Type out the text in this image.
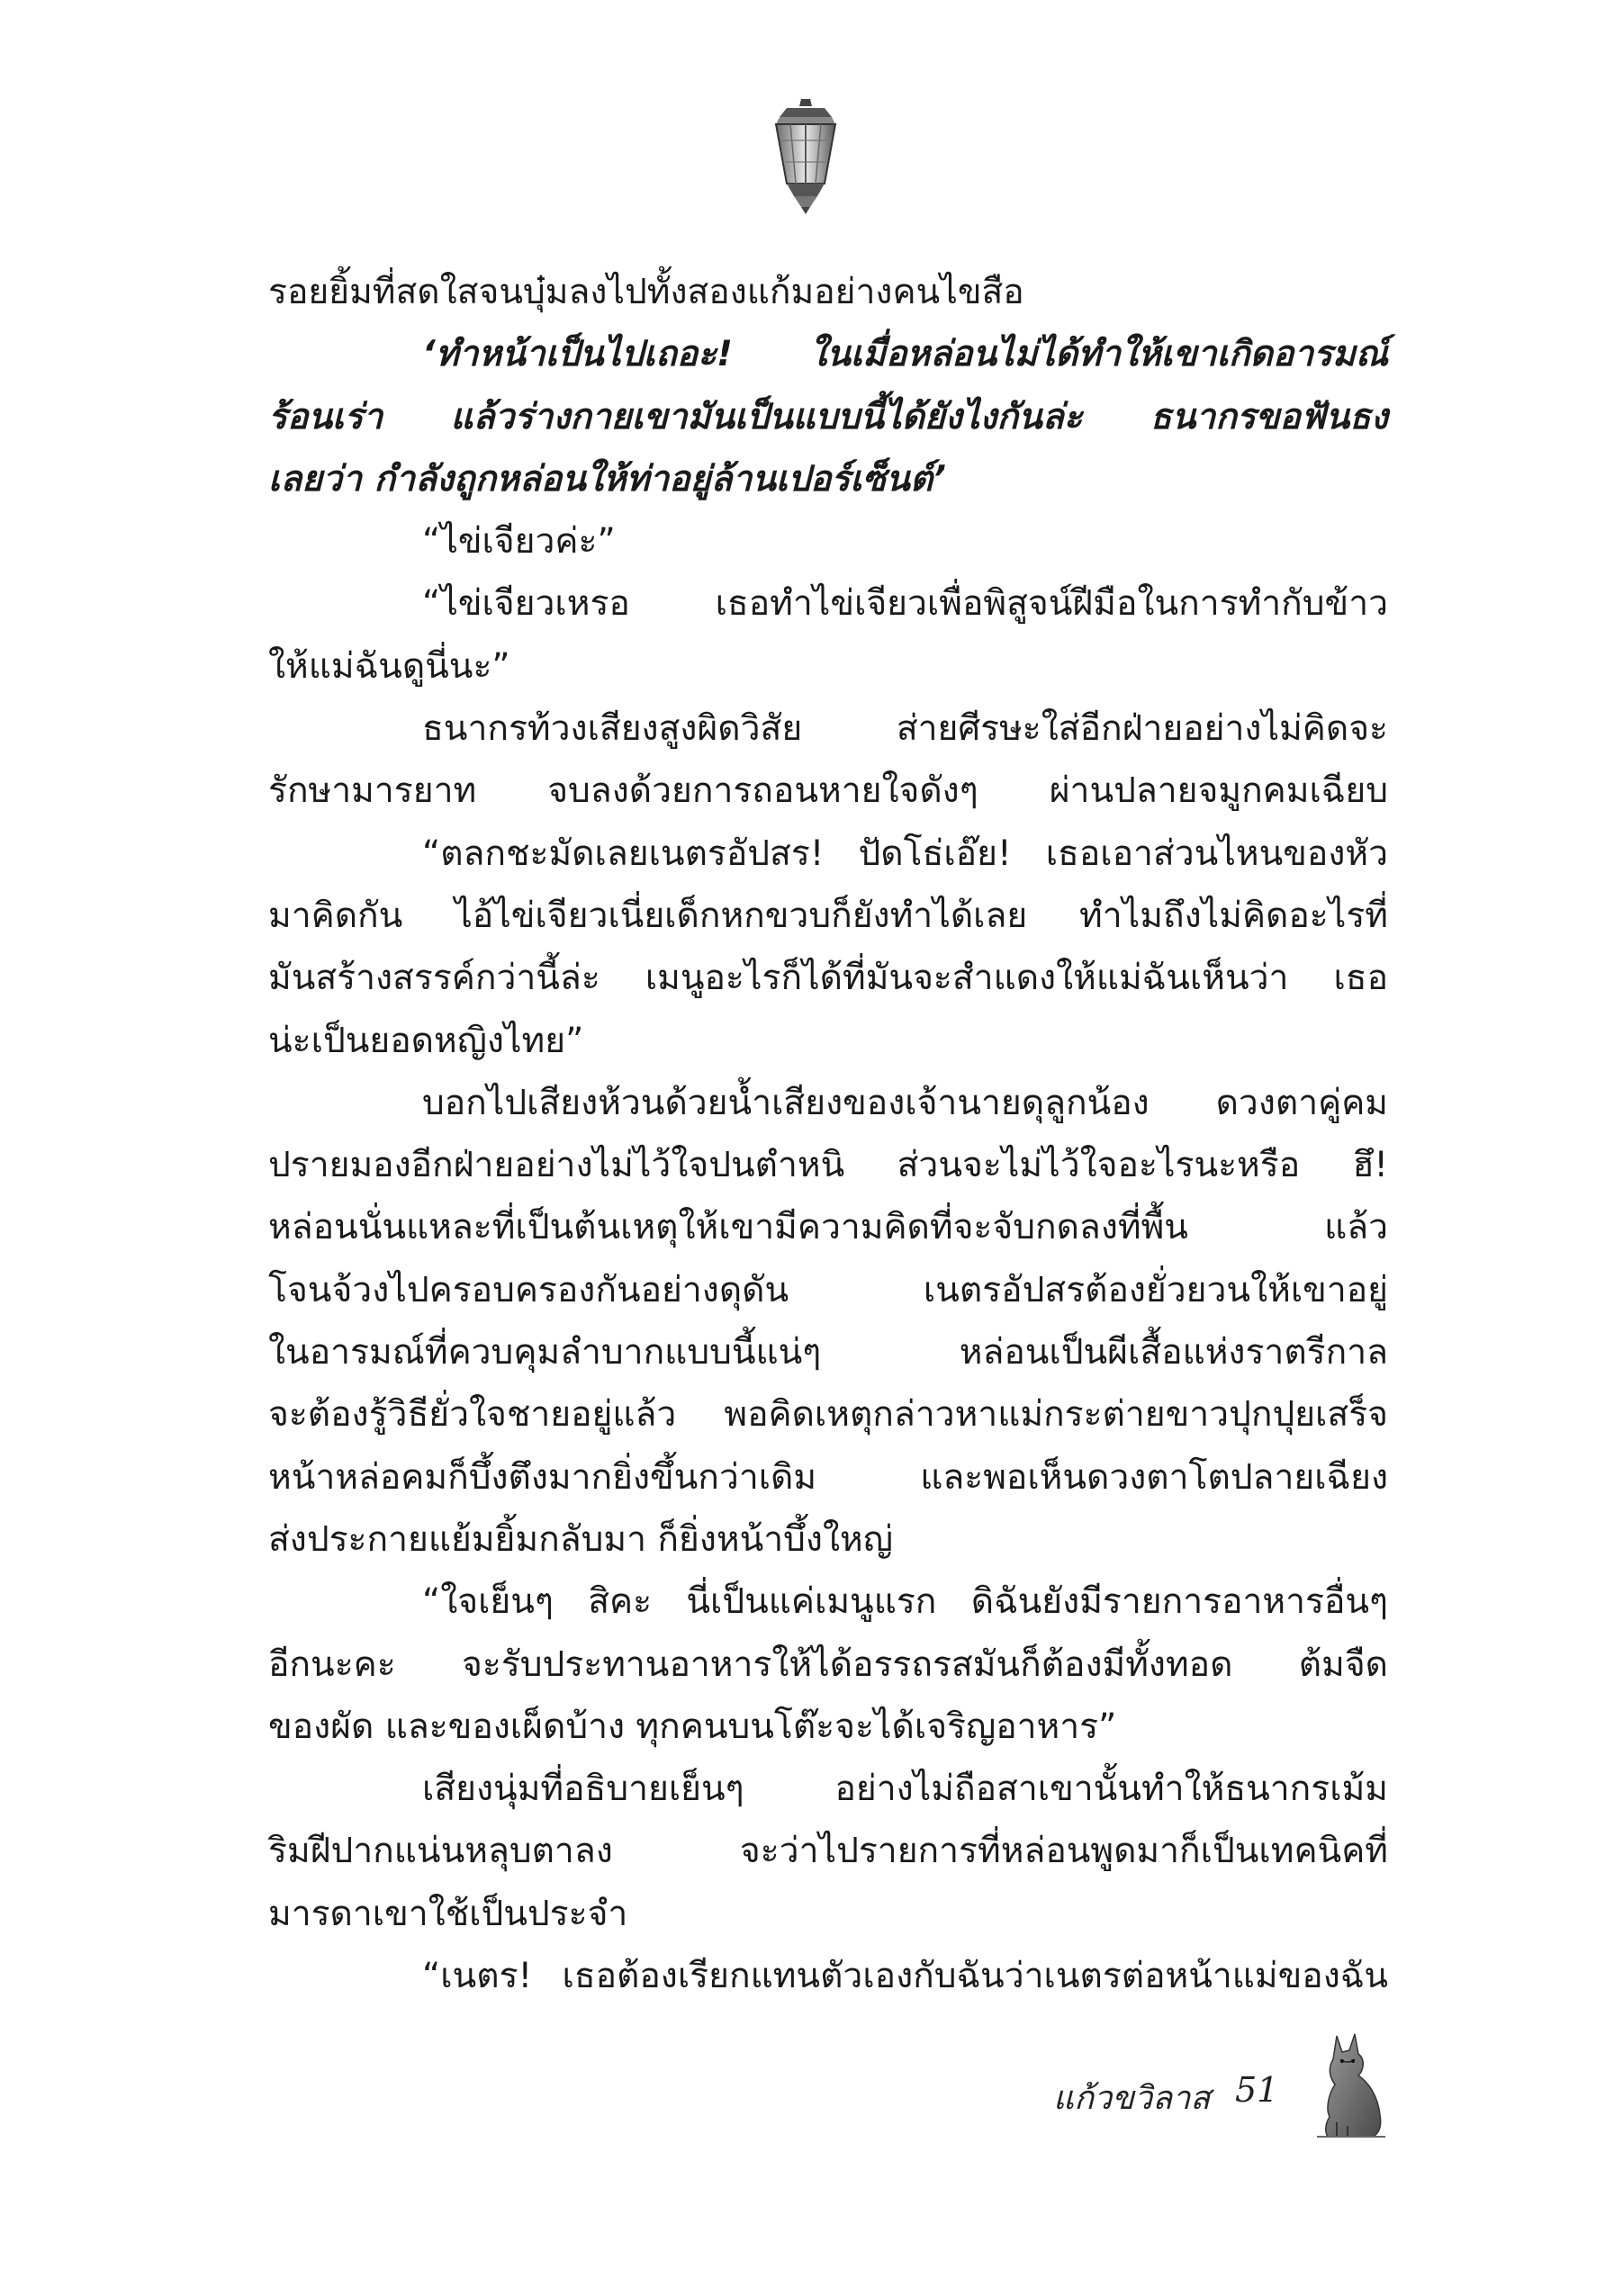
รอยยิ้มที่สดใสจนบุ๋มลงไปทั้งสองแก้มอย่างคนไขสือ
‘ทำหน้าเป็นไปเถอะ! ในเมื่อหล่อนไม่ได้ทำให้เขาเกิดอารมณ์
ร้อนเร่า แล้วร่างกายเขามันเป็นแบบนี้ได้ยังไงกันล่ะ ธนากรขอฟันธง
เลยว่า กำลังถูกหล่อนให้ท่าอยู่ล้านเปอร์เซ็นต์’
“ไข่เจียวค่ะ”
“ไข่เจียวเหรอ เธอทำไข่เจียวเพื่อพิสูจน์ฝีมือในการทำกับข้าว
ให้แม่ฉันดูนี่นะ”
ธนากรท้วงเสียงสูงผิดวิสัย	ส่ายศีรษะใส่อีกฝ่ายอย่างไม่คิดจะ
รักษามารยาท จบลงด้วยการถอนหายใจดังๆ ผ่านปลายจมูกคมเฉียบ
“ตลกชะมัดเลยเนตรอัปสร! ปัดโธ่เอ๊ย! เธอเอาส่วนไหนของหัว
มาคิดกัน ไอ้ไข่เจียวเนี่ยเด็กหกขวบก็ยังทำได้เลย ทำไมถึงไม่คิดอะไรที่
มันสร้างสรรค์กว่านี้ล่ะ เมนูอะไรก็ได้ที่มันจะสำแดงให้แม่ฉันเห็นว่า เธอ
น่ะเป็นยอดหญิงไทย”
บอกไปเสียงห้วนด้วยน้ำเสียงของเจ้านายดุลูกน้อง ดวงตาคู่คม
ปรายมองอีกฝ่ายอย่างไม่ไว้ใจปนตำหนิ ส่วนจะไม่ไว้ใจอะไรนะหรือ ฮึ!
หล่อนนั่นแหละที่เป็นต้นเหตุให้เขามีความคิดที่จะจับกดลงที่พื้น	แล้ว
โจนจ้วงไปครอบครองกันอย่างดุดัน	เนตรอัปสรต้องยั่วยวนให้เขาอยู่
ในอารมณ์ที่ควบคุมลำบากแบบนี้แน่ๆ	หล่อนเป็นผีเสื้อแห่งราตรีกาล
จะต้องรู้วิธียั่วใจชายอยู่แล้ว พอคิดเหตุกล่าวหาแม่กระต่ายขาวปุกปุยเสร็จ
หน้าหล่อคมก็บึ้งตึงมากยิ่งขึ้นกว่าเดิม	และพอเห็นดวงตาโตปลายเฉียง
ส่งประกายแย้มยิ้มกลับมา ก็ยิ่งหน้าบึ้งใหญ่
“ใจเย็นๆ สิคะ นี่เป็นแค่เมนูแรก ดิฉันยังมีรายการอาหารอื่นๆ
อีกนะคะ จะรับประทานอาหารให้ได้อรรถรสมันก็ต้องมีทั้งทอด ต้มจืด
ของผัด และของเผ็ดบ้าง ทุกคนบนโต๊ะจะได้เจริญอาหาร”
เสียงนุ่มที่อธิบายเย็นๆ	อย่างไม่ถือสาเขานั้นทำให้ธนากรเม้ม
ริมฝีปากแน่นหลุบตาลง	จะว่าไปรายการที่หล่อนพูดมาก็เป็นเทคนิคที่
มารดาเขาใช้เป็นประจำ
“เนตร! เธอต้องเรียกแทนตัวเองกับฉันว่าเนตรต่อหน้าแม่ของฉัน
แก้วขวิลาส 51
